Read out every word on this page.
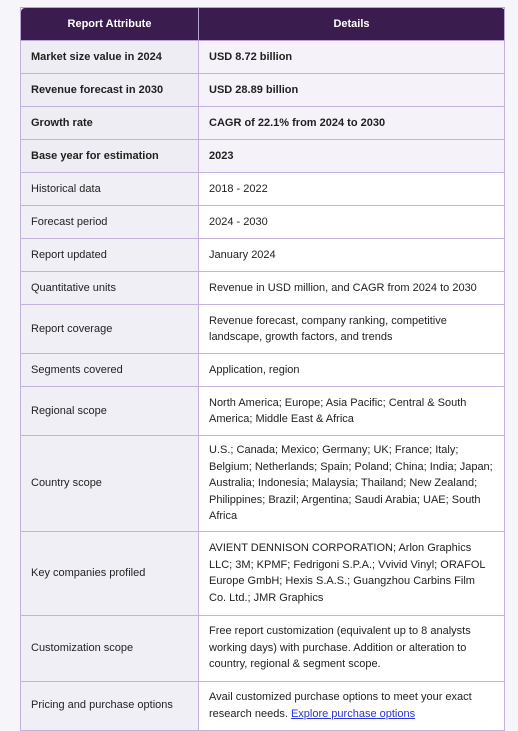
Report Attribute	Details
Market size value in 2024	USD 8.72 billion
Revenue forecast in 2030	USD 28.89 billion
Growth rate	CAGR of 22.1% from 2024 to 2030
Base year for estimation	2023
Historical data	2018 - 2022
Forecast period	2024 - 2030
Report updated	January 2024
Quantitative units	Revenue in USD million, and CAGR from 2024 to 2030
Report coverage	Revenue forecast, company ranking, competitive landscape, growth factors, and trends
Segments covered	Application, region
Regional scope	North America; Europe; Asia Pacific; Central & South America; Middle East & Africa
Country scope	U.S.; Canada; Mexico; Germany; UK; France; Italy; Belgium; Netherlands; Spain; Poland; China; India; Japan; Australia; Indonesia; Malaysia; Thailand; New Zealand; Philippines; Brazil; Argentina; Saudi Arabia; UAE; South Africa
Key companies profiled	AVIENT DENNISON CORPORATION; Arlon Graphics LLC; 3M; KPMF; Fedrigoni S.P.A.; Vvivid Vinyl; ORAFOL Europe GmbH; Hexis S.A.S.; Guangzhou Carbins Film Co. Ltd.; JMR Graphics
Customization scope	Free report customization (equivalent up to 8 analysts working days) with purchase. Addition or alteration to country, regional & segment scope.
Pricing and purchase options	Avail customized purchase options to meet your exact research needs. Explore purchase options
